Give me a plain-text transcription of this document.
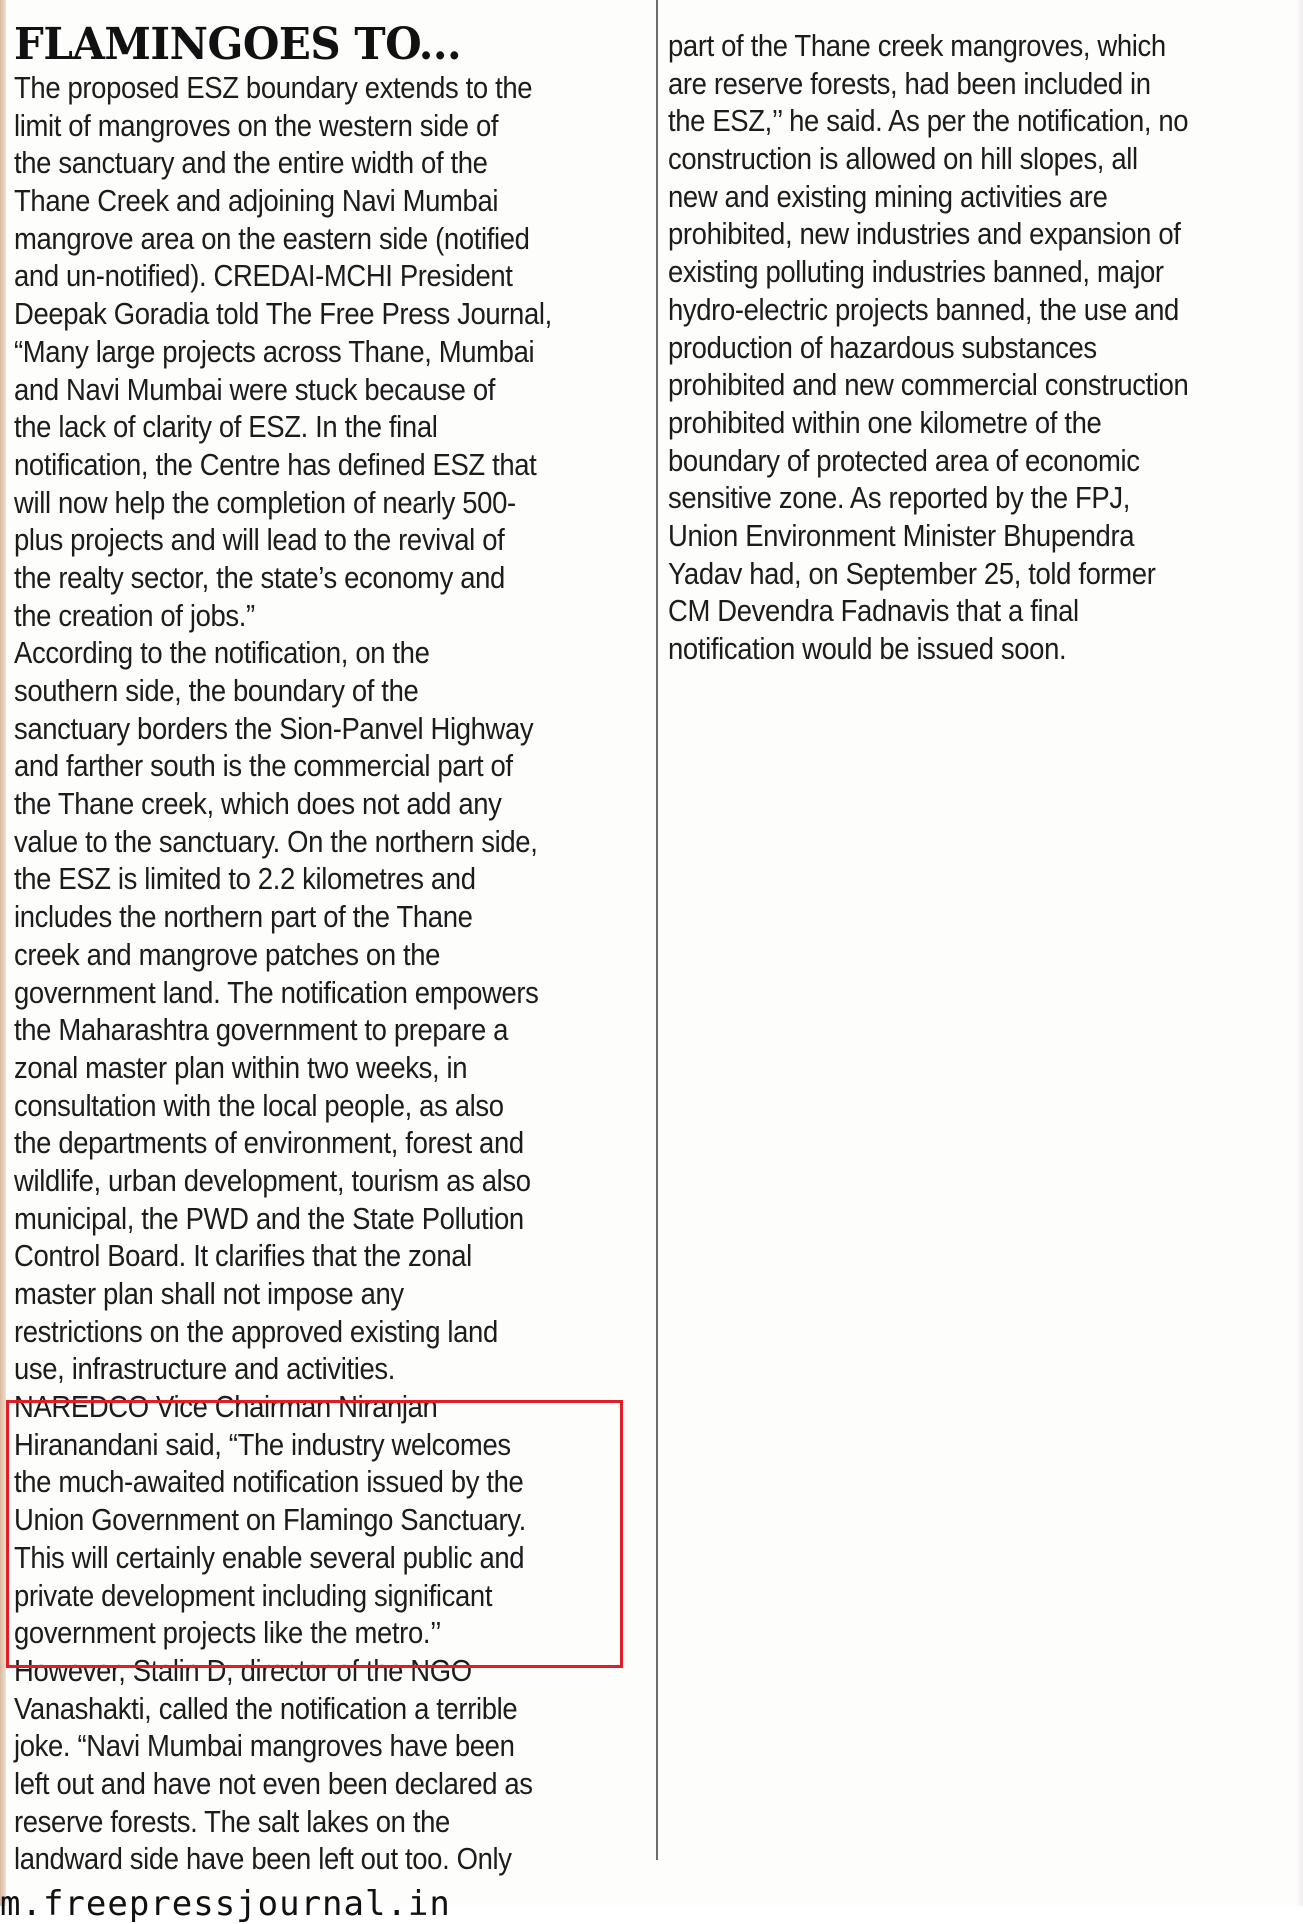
FLAMINGOES TO...
The proposed ESZ boundary extends to the
limit of mangroves on the western side of
the sanctuary and the entire width of the
Thane Creek and adjoining Navi Mumbai
mangrove area on the eastern side (notified
and un-notified). CREDAI-MCHI President
Deepak Goradia told The Free Press Journal,
“Many large projects across Thane, Mumbai
and Navi Mumbai were stuck because of
the lack of clarity of ESZ. In the final
notification, the Centre has defined ESZ that
will now help the completion of nearly 500-
plus projects and will lead to the revival of
the realty sector, the state’s economy and
the creation of jobs.”
According to the notification, on the
southern side, the boundary of the
sanctuary borders the Sion-Panvel Highway
and farther south is the commercial part of
the Thane creek, which does not add any
value to the sanctuary. On the northern side,
the ESZ is limited to 2.2 kilometres and
includes the northern part of the Thane
creek and mangrove patches on the
government land. The notification empowers
the Maharashtra government to prepare a
zonal master plan within two weeks, in
consultation with the local people, as also
the departments of environment, forest and
wildlife, urban development, tourism as also
municipal, the PWD and the State Pollution
Control Board. It clarifies that the zonal
master plan shall not impose any
restrictions on the approved existing land
use, infrastructure and activities.
NAREDCO Vice Chairman Niranjan
Hiranandani said, “The industry welcomes
the much-awaited notification issued by the
Union Government on Flamingo Sanctuary.
This will certainly enable several public and
private development including significant
government projects like the metro.’’
However, Stalin D, director of the NGO
Vanashakti, called the notification a terrible
joke. “Navi Mumbai mangroves have been
left out and have not even been declared as
reserve forests. The salt lakes on the
landward side have been left out too. Only
part of the Thane creek mangroves, which
are reserve forests, had been included in
the ESZ,’’ he said. As per the notification, no
construction is allowed on hill slopes, all
new and existing mining activities are
prohibited, new industries and expansion of
existing polluting industries banned, major
hydro-electric projects banned, the use and
production of hazardous substances
prohibited and new commercial construction
prohibited within one kilometre of the
boundary of protected area of economic
sensitive zone. As reported by the FPJ,
Union Environment Minister Bhupendra
Yadav had, on September 25, told former
CM Devendra Fadnavis that a final
notification would be issued soon.
m.freepressjournal.in
